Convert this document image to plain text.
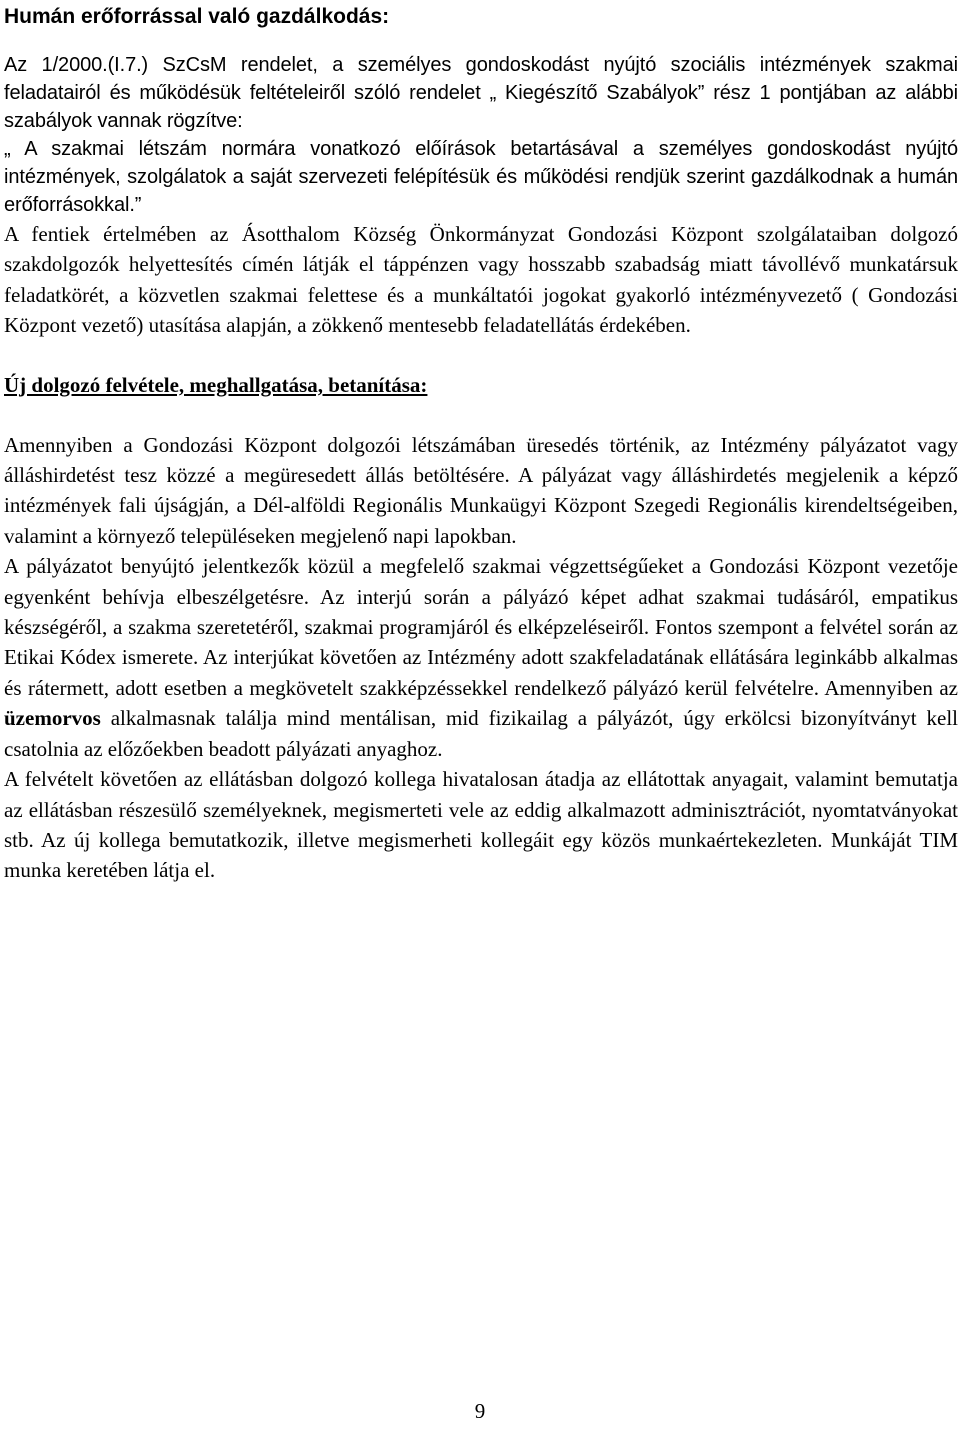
Humán erőforrással való gazdálkodás:

Az 1/2000.(I.7.) SzCsM rendelet, a személyes gondoskodást nyújtó szociális intézmények szakmai feladatairól és működésük feltételeiről szóló rendelet „ Kiegészítő Szabályok” rész 1 pontjában az alábbi szabályok vannak rögzítve:

„ A szakmai létszám normára vonatkozó előírások betartásával a személyes gondoskodást nyújtó intézmények, szolgálatok a saját szervezeti felépítésük és működési rendjük szerint gazdálkodnak a humán erőforrásokkal.”

A fentiek értelmében az Ásotthalom Község Önkormányzat Gondozási Központ szolgálataiban dolgozó szakdolgozók helyettesítés címén látják el táppénzen vagy hosszabb szabadság miatt távollévő munkatársuk feladatkörét, a közvetlen szakmai felettese és a munkáltatói jogokat gyakorló intézményvezető ( Gondozási Központ vezető) utasítása alapján, a zökkenő mentesebb feladatellátás érdekében.

Új dolgozó felvétele, meghallgatása, betanítása:

Amennyiben a Gondozási Központ dolgozói létszámában üresedés történik, az Intézmény pályázatot vagy álláshirdetést tesz közzé a megüresedett állás betöltésére. A pályázat vagy álláshirdetés megjelenik a képző intézmények fali újságján, a Dél-alföldi Regionális Munkaügyi Központ Szegedi Regionális kirendeltségeiben, valamint a környező településeken megjelenő napi lapokban.

A pályázatot benyújtó jelentkezők közül a megfelelő szakmai végzettségűeket a Gondozási Központ vezetője egyenként behívja elbeszélgetésre. Az interjú során a pályázó képet adhat szakmai tudásáról, empatikus készségéről, a szakma szeretetéről, szakmai programjáról és elképzeléseiről. Fontos szempont a felvétel során az Etikai Kódex ismerete. Az interjúkat követően az Intézmény adott szakfeladatának ellátására leginkább alkalmas és rátermett, adott esetben a megkövetelt szakképzéssekkel rendelkező pályázó kerül felvételre. Amennyiben az üzemorvos alkalmasnak találja mind mentálisan, mid fizikailag a pályázót, úgy erkölcsi bizonyítványt kell csatolnia az előzőekben beadott pályázati anyaghoz.

A felvételt követően az ellátásban dolgozó kollega hivatalosan átadja az ellátottak anyagait, valamint bemutatja az ellátásban részesülő személyeknek, megismerteti vele az eddig alkalmazott adminisztrációt, nyomtatványokat stb. Az új kollega bemutatkozik, illetve megismerheti kollegáit egy közös munkaértekezleten. Munkáját TIM munka keretében látja el.

9
